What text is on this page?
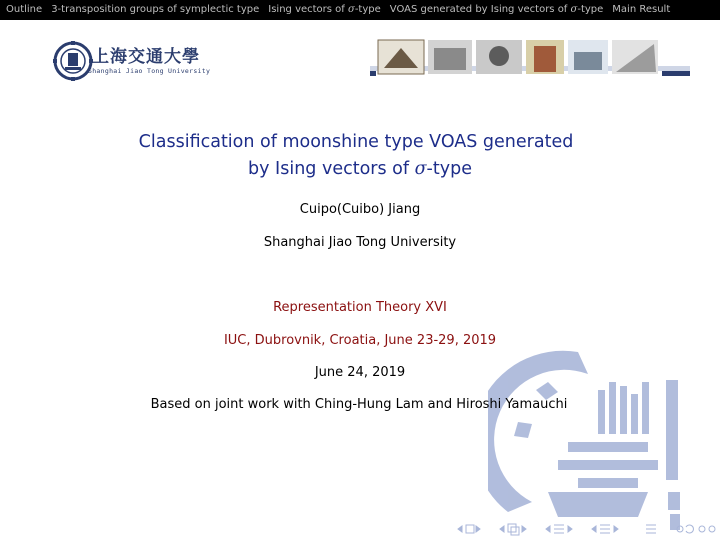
Outline 3-transposition groups of symplectic type Ising vectors of σ-type VOAS generated by Ising vectors of σ-type Main Result
上海交通大學
Shanghai Jiao Tong University
Classification of moonshine type VOAS generated
by Ising vectors of σ-type
Cuipo(Cuibo) Jiang
Shanghai Jiao Tong University
Representation Theory XVI
IUC, Dubrovnik, Croatia, June 23-29, 2019
June 24, 2019
Based on joint work with Ching-Hung Lam and Hiroshi Yamauchi
